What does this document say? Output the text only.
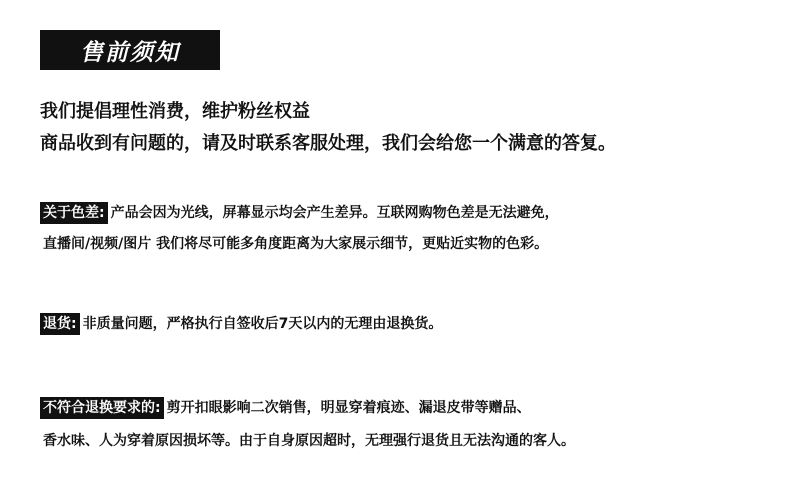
售前须知
我们提倡理性消费，维护粉丝权益
商品收到有问题的，请及时联系客服处理，我们会给您一个满意的答复。
关于色差: 产品会因为光线，屏幕显示均会产生差异。互联网购物色差是无法避免，
直播间/视频/图片 我们将尽可能多角度距离为大家展示细节，更贴近实物的色彩。
退货: 非质量问题，严格执行自签收后7天以内的无理由退换货。
不符合退换要求的: 剪开扣眼影响二次销售，明显穿着痕迹、漏退皮带等赠品、
香水味、人为穿着原因损坏等。由于自身原因超时，无理强行退货且无法沟通的客人。
